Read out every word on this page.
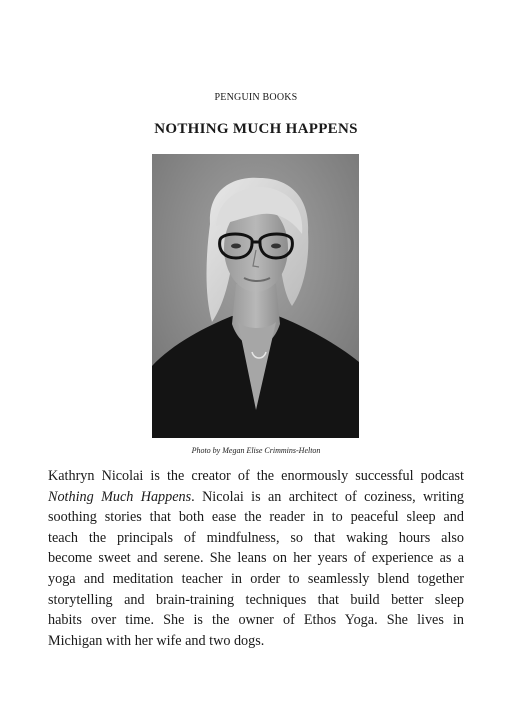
PENGUIN BOOKS
NOTHING MUCH HAPPENS
Photo by Megan Elise Crimmins-Helton
Kathryn Nicolai is the creator of the enormously successful podcast
Nothing Much Happens. Nicolai is an architect of coziness, writing
soothing stories that both ease the reader in to peaceful sleep and
teach the principals of mindfulness, so that waking hours also
become sweet and serene. She leans on her years of experience as a
yoga and meditation teacher in order to seamlessly blend together
storytelling and brain-training techniques that build better sleep
habits over time. She is the owner of Ethos Yoga. She lives in
Michigan with her wife and two dogs.
